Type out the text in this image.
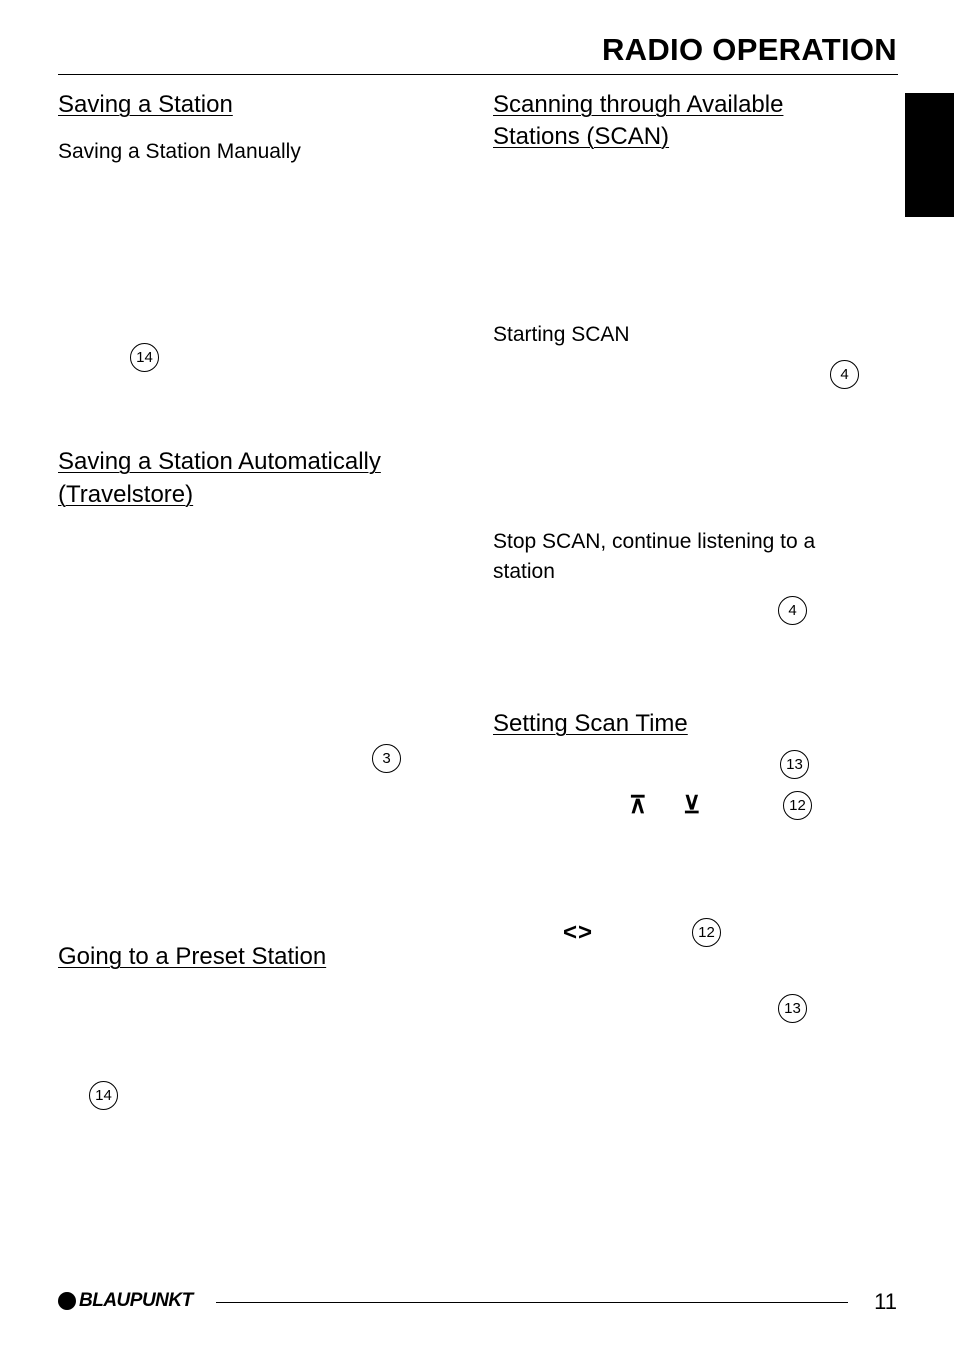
RADIO OPERATION
Saving a Station
Saving a Station Manually
14
Saving a Station Automatically
(Travelstore)
3
Going to a Preset Station
14
Scanning through Available
Stations (SCAN)
Starting SCAN
4
Stop SCAN, continue listening to a
station
4
Setting Scan Time
13
⊼ ⊻	12
<>	12
13
BLAUPUNKT	11
